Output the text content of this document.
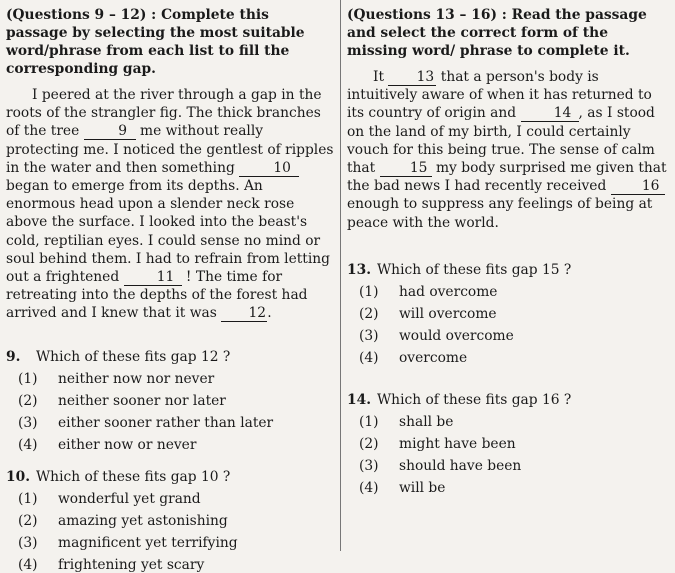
(Questions 9 – 12) : Complete this passage by selecting the most suitable word/phrase from each list to fill the corresponding gap.

I peered at the river through a gap in the roots of the strangler fig. The thick branches of the tree	9 me without really protecting me. I noticed the gentlest of ripples in the water and then something 10 began to emerge from its depths. An enormous head upon a slender neck rose above the surface. I looked into the beast's cold, reptilian eyes. I could sense no mind or soul behind them. I had to refrain from letting out a frightened 11 ! The time for retreating into the depths of the forest had arrived and I knew that it was 12.

9.	Which of these fits gap 12 ?
(1)	neither now nor never
(2)	neither sooner nor later
(3)	either sooner rather than later
(4)	either now or never
10. Which of these fits gap 10 ?
(1)	wonderful yet grand
(2)	amazing yet astonishing
(3)	magnificent yet terrifying
(4)	frightening yet scary
(Questions 13 – 16) : Read the passage and select the correct form of the missing word/ phrase to complete it.

It 13 that a person's body is intuitively aware of when it has returned to its country of origin and 14 , as I stood on the land of my birth, I could certainly vouch for this being true. The sense of calm that 15 my body surprised me given that the bad news I had recently received 16 enough to suppress any feelings of being at peace with the world.

13. Which of these fits gap 15 ?
(1)	had overcome
(2)	will overcome
(3)	would overcome
(4)	overcome
14. Which of these fits gap 16 ?
(1)	shall be
(2)	might have been
(3)	should have been
(4)	will be
